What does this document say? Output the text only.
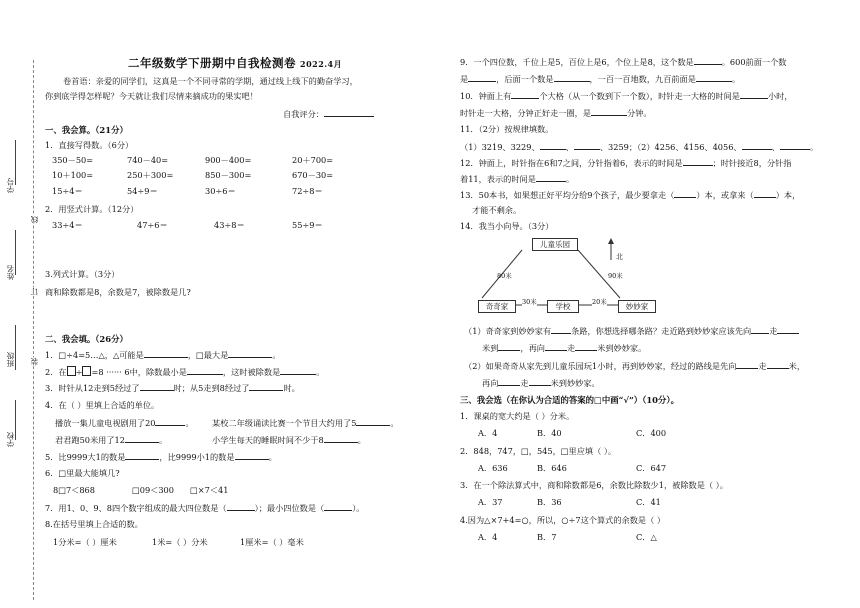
学校
班级
姓名
学号
装
订
线
二年级数学下册期中自我检测卷 2022.4月
卷首语：亲爱的同学们，这真是一个不同寻常的学期，通过线上线下的勤奋学习，
你到底学得怎样呢？今天就让我们尽情来摘成功的果实吧！
自我评分：
一、我会算。（21分）
1．直接写得数。（6分）
350－50=	740－40=	900－400=	20＋700=
10＋100=	250＋300=	850－300=	670－30=
15÷4＝	54÷9＝	30÷6＝	72÷8＝
2．用竖式计算。（12分）
33÷4＝	47÷6＝	43÷8＝	55÷9＝
3.列式计算。（3分）
商和除数都是8，余数是7，被除数是几?
二、我会填。（26分）
1．□÷4=5…△，△可能是	，□最大是	。
2．在 ÷ =8 ······ 6中，除数最小是	，这时被除数是	。
3．时针从12走到5经过了	时；从5走到8经过了	时。
4．在（ ）里填上合适的单位。
播放一集儿童电视剧用了20	。 某校二年级诵读比赛一个节目大约用了5	。
君君跑50米用了12	。	小学生每天的睡眠时间不少于8	。
5．比9999大1的数是	，比9999小1的数是	。
6．□里最大能填几?
8□7＜868	□09＜300 □×7＜41
7．用1、0、9、8四个数字组成的最大四位数是（	）；最小四位数是（	）。
8.在括号里填上合适的数。
1分米=（ ）厘米	1米=（ ）分米	1厘米=（ ）毫米
9．一个四位数，千位上是5，百位上是6，个位上是8，这个数是	。600前面一个数
是	，后面一个数是	，一百一百地数，九百前面是	。
10．钟面上有	个大格（从一个数到下一个数），时针走一大格的时间是	小时，
时针走一大格，分钟正好走一圈，是	分钟。
11．（2分）按规律填数。
（1）3219、3229、	、	、3259；（2）4256、4156、4056、	、	。
12．钟面上，时针指在6和7之间，分针指着6，表示的时间是	；时针接近8，分针指
着11，表示的时间是	。
13．50本书，如果想正好平均分给9个孩子，最少要拿走（	）本，或拿来（	）本，
才能不剩余。
14．我当小向导。（3分）
儿童乐园
奇奇家	学校	妙妙家
北
80米	90米
30米	20米
（1）奇奇家到妙妙家有 条路，你想选择哪条路？走近路到妙妙家应该先向 走
米到	，再向	走	米到妙妙家。
（2）如果奇奇从家先到儿童乐园玩1小时，再到妙妙家，经过的路线是先向	走	米，
再向	走	米到妙妙家。
三、我会选（在你认为合适的答案的□中画“√”）（10分）。
1．课桌的宽大约是（ ）分米。
A．4	B．40	C．400
2．848，747，□，545，□里应填（ ）。
A．636	B．646	C．647
3．在一个除法算式中，商和除数都是6，余数比除数少1，被除数是（ ）。
A．37	B．36	C．41
4.因为△×7+4=○，所以，○÷7这个算式的余数是（ ）
A．4	B．7	C．△
